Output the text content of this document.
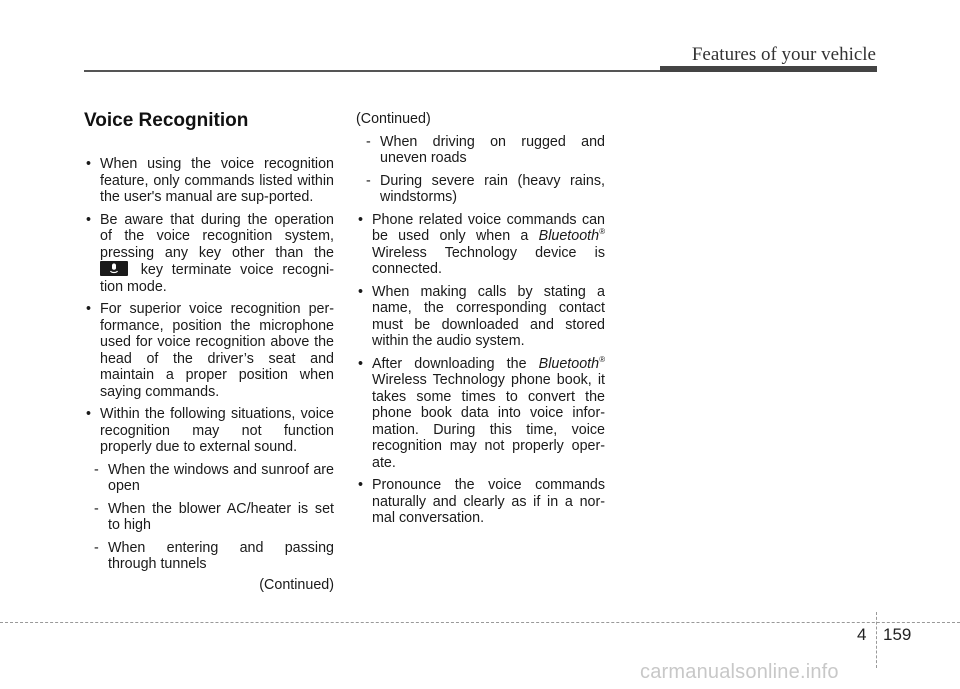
Features of your vehicle
Voice Recognition
• When using the voice recognition feature, only commands listed within the user's manual are sup-ported.
• Be aware that during the operation of the voice recognition system, pressing any key other than the
key terminate voice recogni-tion mode.
• For superior voice recognition per-formance, position the microphone used for voice recognition above the head of the driver’s seat and maintain a proper position when saying commands.
• Within the following situations, voice recognition may not function properly due to external sound.
- When the windows and sunroof are open
- When the blower AC/heater is set to high
- When entering and passing through tunnels
(Continued)
(Continued)
- When driving on rugged and uneven roads
- During severe rain (heavy rains, windstorms)
• Phone related voice commands can be used only when a Bluetooth® Wireless Technology device is connected.
• When making calls by stating a name, the corresponding contact must be downloaded and stored within the audio system.
• After downloading the Bluetooth® Wireless Technology phone book, it takes some times to convert the phone book data into voice infor-mation. During this time, voice recognition may not properly oper-ate.
• Pronounce the voice commands naturally and clearly as if in a nor-mal conversation.
4 159
carmanualsonline.info
